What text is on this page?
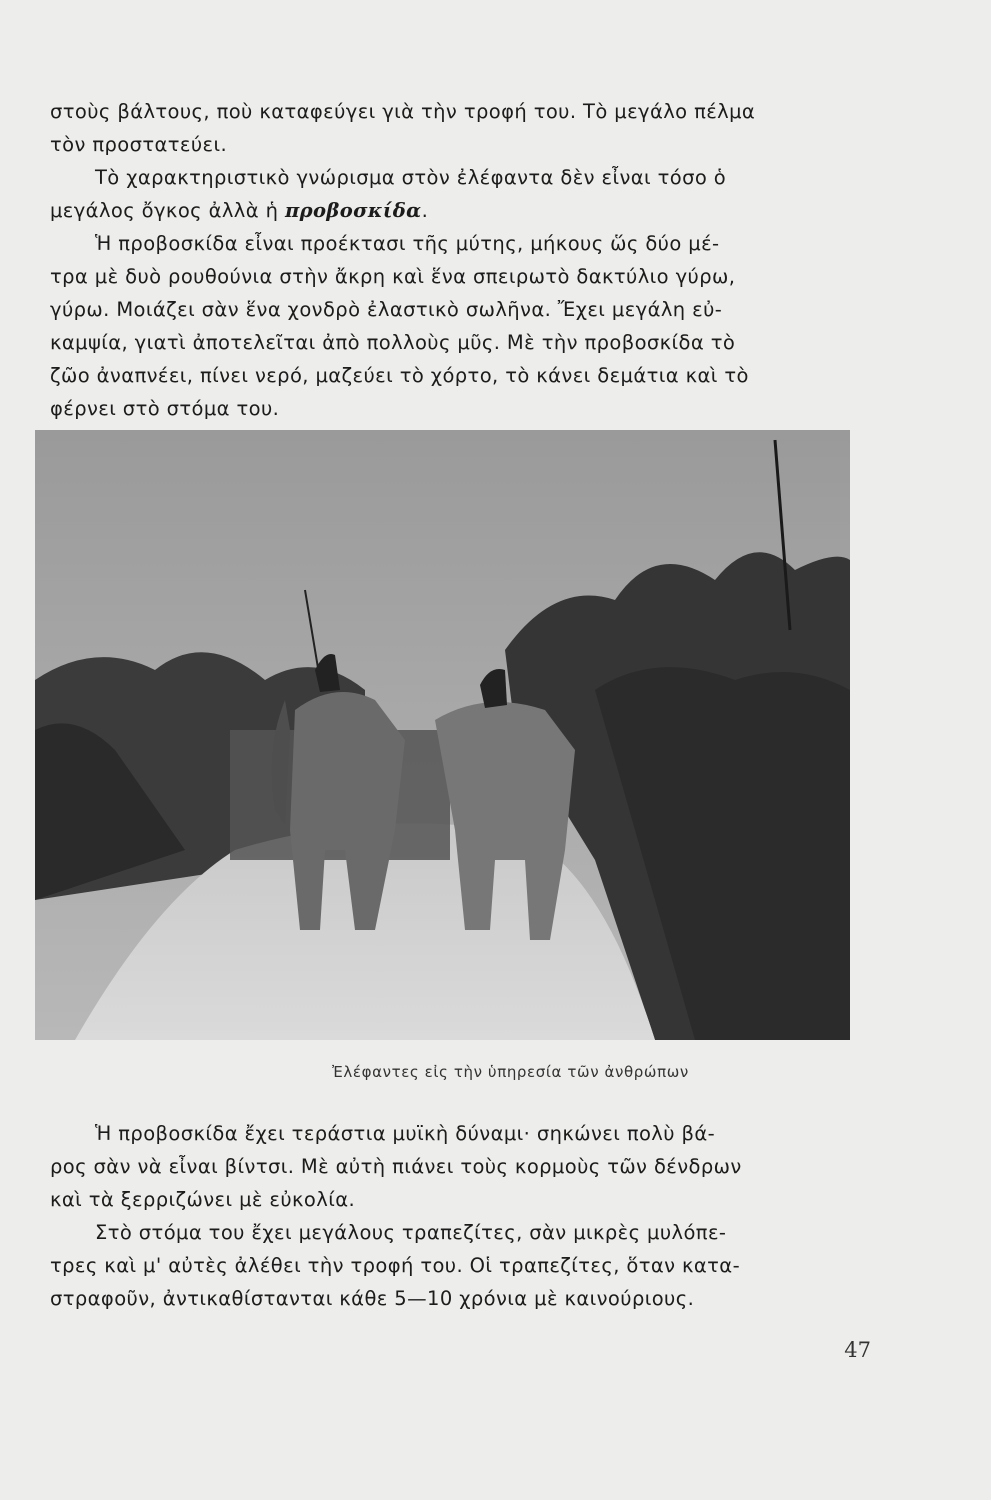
στοὺς βάλτους, ποὺ καταφεύγει γιὰ τὴν τροφή του. Τὸ μεγάλο πέλμα
τὸν προστατεύει.

Τὸ χαρακτηριστικὸ γνώρισμα στὸν ἐλέφαντα δὲν εἶναι τόσο ὁ
μεγάλος ὄγκος ἀλλὰ ἡ προβοσκίδα.

Ἡ προβοσκίδα εἶναι προέκτασι τῆς μύτης, μήκους ὥς δύο μέ-
τρα μὲ δυὸ ρουθούνια στὴν ἄκρη καὶ ἕνα σπειρωτὸ δακτύλιο γύρω,
γύρω. Μοιάζει σὰν ἕνα χονδρὸ ἐλαστικὸ σωλῆνα. Ἔχει μεγάλη εὐ-
καμψία, γιατὶ ἀποτελεῖται ἀπὸ πολλοὺς μῦς. Μὲ τὴν προβοσκίδα τὸ
ζῶο ἀναπνέει, πίνει νερό, μαζεύει τὸ χόρτο, τὸ κάνει δεμάτια καὶ τὸ
φέρνει στὸ στόμα του.

Ἐλέφαντες εἰς τὴν ὑπηρεσία τῶν ἀνθρώπων

Ἡ προβοσκίδα ἔχει τεράστια μυϊκὴ δύναμι· σηκώνει πολὺ βά-
ρος σὰν νὰ εἶναι βίντσι. Μὲ αὐτὴ πιάνει τοὺς κορμοὺς τῶν δένδρων
καὶ τὰ ξερριζώνει μὲ εὐκολία.

Στὸ στόμα του ἔχει μεγάλους τραπεζίτες, σὰν μικρὲς μυλόπε-
τρες καὶ μ' αὐτὲς ἀλέθει τὴν τροφή του. Οἱ τραπεζίτες, ὅταν κατα-
στραφοῦν, ἀντικαθίστανται κάθε 5—10 χρόνια μὲ καινούριους.

47
